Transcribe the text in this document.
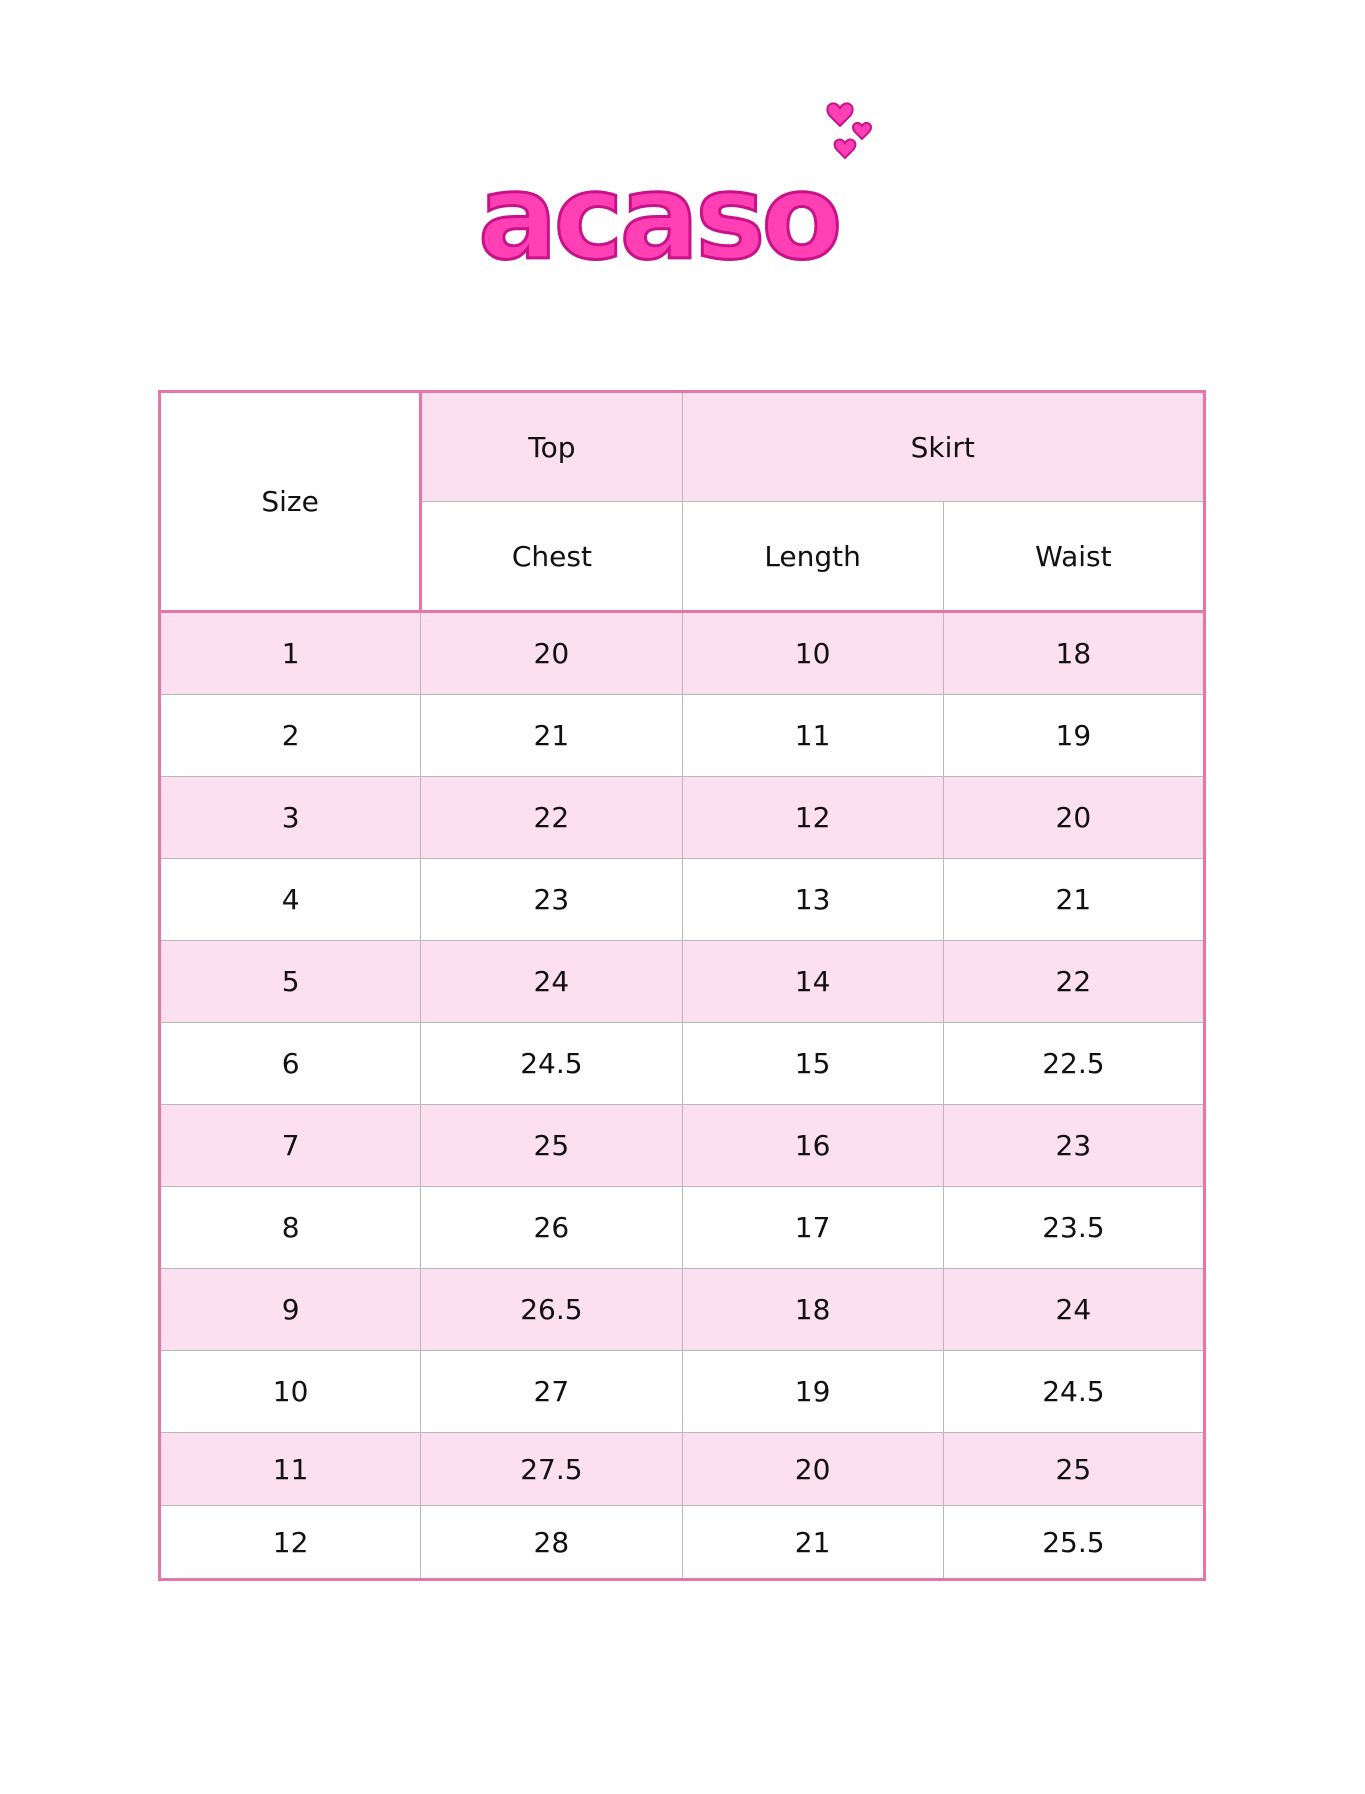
acaso
Size	Top	Skirt	
	Chest	Length	Waist
1	20	10	18
2	21	11	19
3	22	12	20
4	23	13	21
5	24	14	22
6	24.5	15	22.5
7	25	16	23
8	26	17	23.5
9	26.5	18	24
10	27	19	24.5
11	27.5	20	25
12	28	21	25.5
